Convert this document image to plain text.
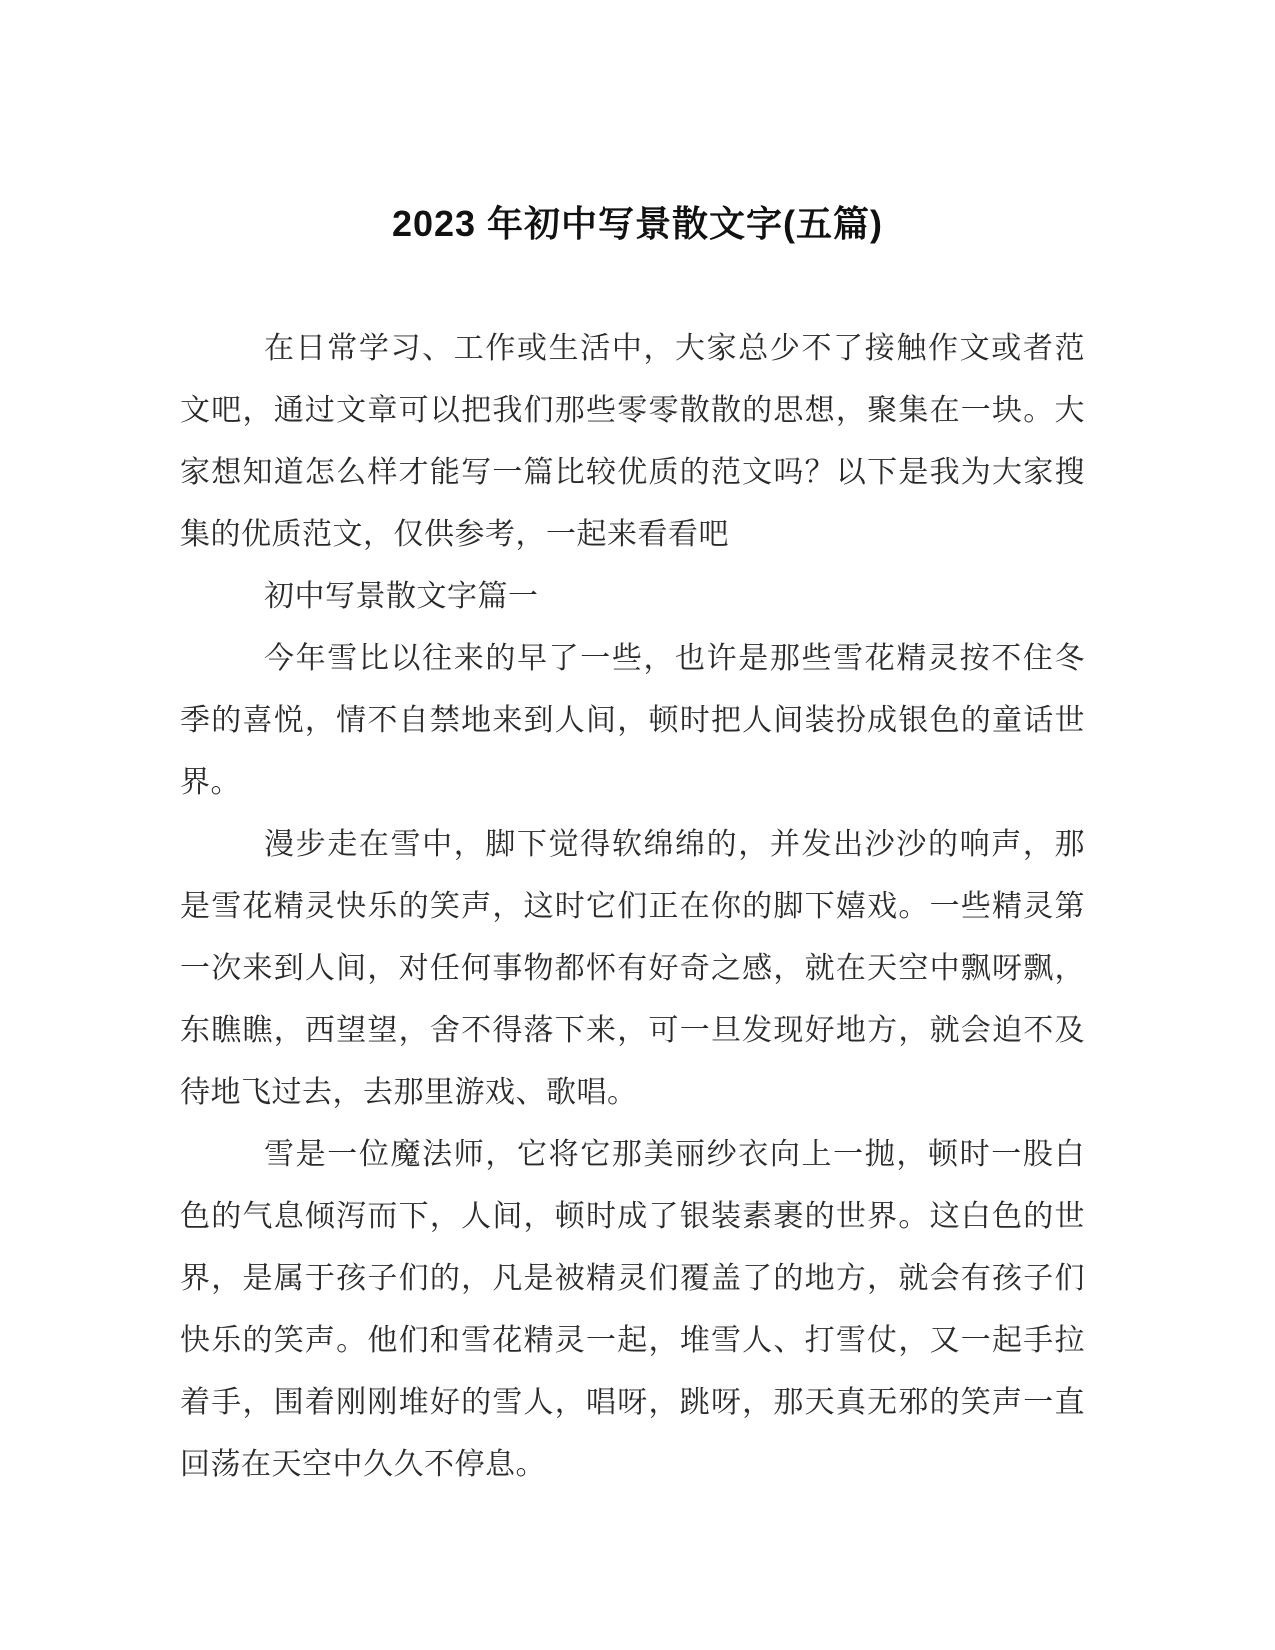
2023 年初中写景散文字(五篇)

在日常学习、工作或生活中，大家总少不了接触作文或者范文吧，通过文章可以把我们那些零零散散的思想，聚集在一块。大家想知道怎么样才能写一篇比较优质的范文吗？以下是我为大家搜集的优质范文，仅供参考，一起来看看吧

初中写景散文字篇一

今年雪比以往来的早了一些，也许是那些雪花精灵按不住冬季的喜悦，情不自禁地来到人间，顿时把人间装扮成银色的童话世界。

漫步走在雪中，脚下觉得软绵绵的，并发出沙沙的响声，那是雪花精灵快乐的笑声，这时它们正在你的脚下嬉戏。一些精灵第一次来到人间，对任何事物都怀有好奇之感，就在天空中飘呀飘，东瞧瞧，西望望，舍不得落下来，可一旦发现好地方，就会迫不及待地飞过去，去那里游戏、歌唱。

雪是一位魔法师，它将它那美丽纱衣向上一抛，顿时一股白色的气息倾泻而下，人间，顿时成了银装素裹的世界。这白色的世界，是属于孩子们的，凡是被精灵们覆盖了的地方，就会有孩子们快乐的笑声。他们和雪花精灵一起，堆雪人、打雪仗，又一起手拉着手，围着刚刚堆好的雪人，唱呀，跳呀，那天真无邪的笑声一直回荡在天空中久久不停息。
